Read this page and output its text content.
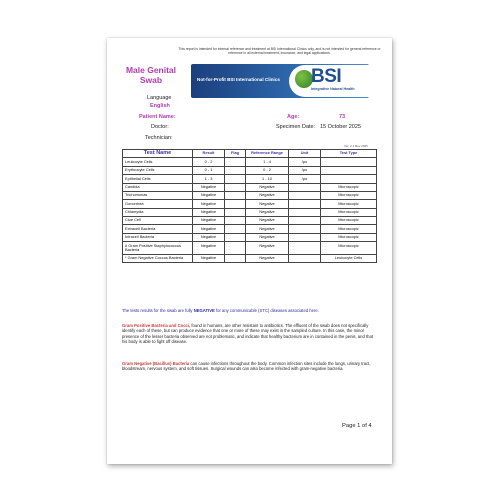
This report is intended for internal reference and treatment at BSI International Clinics only, and is not intended for general reference or reference in all external treatment, insurance, and legal applications.
Male Genital Swab	Not-for-Profit BSI International Clinics BSI
Integrative Natural Health
Language
English
Patient Name:	Age:	73
Doctor:	Specimen Date: 15 October 2025
Technician:
Ver. 2.1 Rev 2025
Test Name	Result	Flag	Reference Range	Unit	Test Type
Leukocyte Cells	0 - 2		1 - 4	/po	
Erythrocyte Cells	0 - 1		0 - 2	/po	
Epithelial Cells	1 - 3		1 - 10	/po	
Candida	Negative		Negative		Microscopic
Trichomonas	Negative		Negative		Microscopic
Gonorrhea	Negative		Negative		Microscopic
Chlamydia	Negative		Negative		Microscopic
Clue Cell	Negative		Negative		Microscopic
Extracell Bacteria	Negative		Negative		Microscopic
Intracell Bacteria	Negative		Negative		Microscopic
# Gram Positive Staphylococcus Bacteria	Negative		Negative		Microscopic
* Gram Negative Coccus Bacteria	Negative		Negative		Leukocyte Cells
The tests results for the swab are fully NEGATIVE for any communicable (STC) diseases associated here.
Gram Positive Bacteria and Cocci, found in humans, are other resistant to antibiotics. The effluent of the swab does not specifically identify each of these, but can produce evidence that one or more of these may exist in the sampled culture. In this case, the minor presence of the lesser bacteria observed are not problematic, and indicate that healthy bacterium are in contained in the penis, and that his body is able to fight off disease.
Gram Negative (Bacillus) Bacteria can cause infections throughout the body. Common infection sites include the lungs, urinary tract, bloodstream, nervous system, and soft tissues. Surgical wounds can also become infected with gram-negative bacteria.
Page 1 of 4
